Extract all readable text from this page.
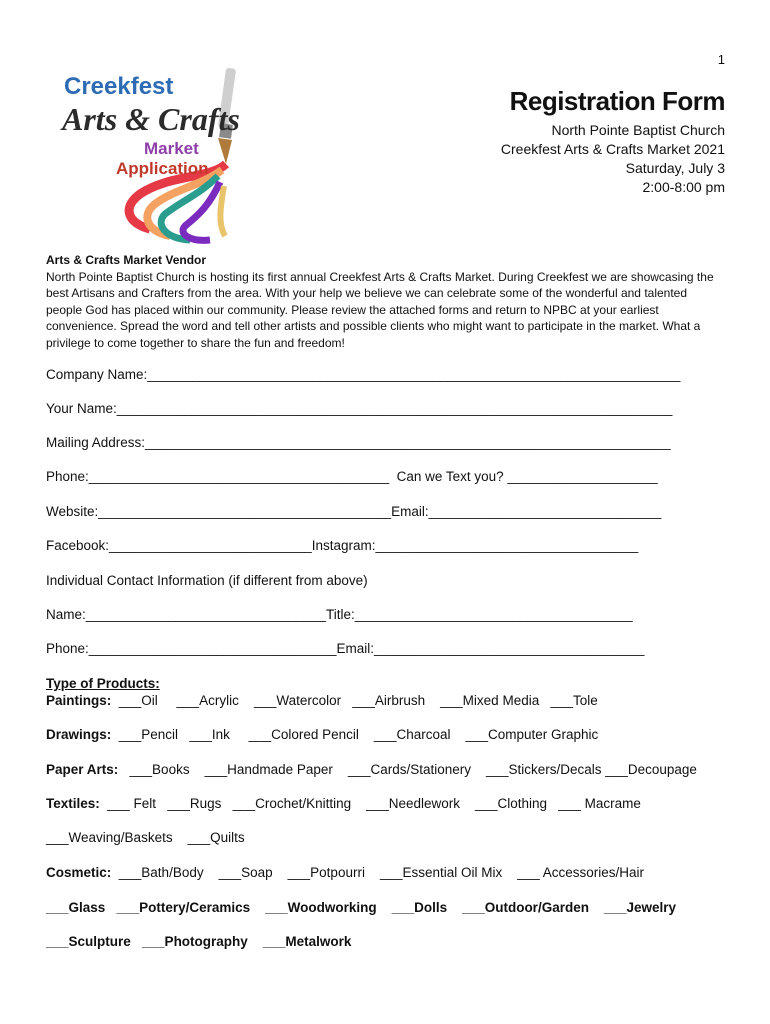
1
Creekfest
Arts & Crafts
Market
Application
Registration Form
North Pointe Baptist Church
Creekfest Arts & Crafts Market 2021
Saturday, July 3
2:00-8:00 pm
Arts & Crafts Market Vendor
North Pointe Baptist Church is hosting its first annual Creekfest Arts & Crafts Market. During Creekfest we are showcasing the best Artisans and Crafters from the area. With your help we believe we can celebrate some of the wonderful and talented people God has placed within our community. Please review the attached forms and return to NPBC at your earliest convenience. Spread the word and tell other artists and possible clients who might want to participate in the market. What a privilege to come together to share the fun and freedom!
Company Name:_______________________________________________________________________
Your Name:__________________________________________________________________________
Mailing Address:______________________________________________________________________
Phone:________________________________________  Can we Text you? ____________________
Website:_______________________________________Email:_______________________________
Facebook:___________________________Instagram:___________________________________
Individual Contact Information (if different from above)
Name:________________________________Title:_____________________________________
Phone:_________________________________Email:____________________________________
Type of Products:
Paintings:  ___Oil     ___Acrylic    ___Watercolor   ___Airbrush    ___Mixed Media   ___Tole
Drawings:  ___Pencil   ___Ink     ___Colored Pencil    ___Charcoal    ___Computer Graphic
Paper Arts:   ___Books    ___Handmade Paper    ___Cards/Stationery    ___Stickers/Decals ___Decoupage
Textiles:  ___ Felt   ___Rugs   ___Crochet/Knitting    ___Needlework    ___Clothing   ___ Macrame
___Weaving/Baskets    ___Quilts
Cosmetic:  ___Bath/Body    ___Soap    ___Potpourri    ___Essential Oil Mix    ___ Accessories/Hair
___Glass   ___Pottery/Ceramics    ___Woodworking    ___Dolls    ___Outdoor/Garden    ___Jewelry
___Sculpture   ___Photography    ___Metalwork
